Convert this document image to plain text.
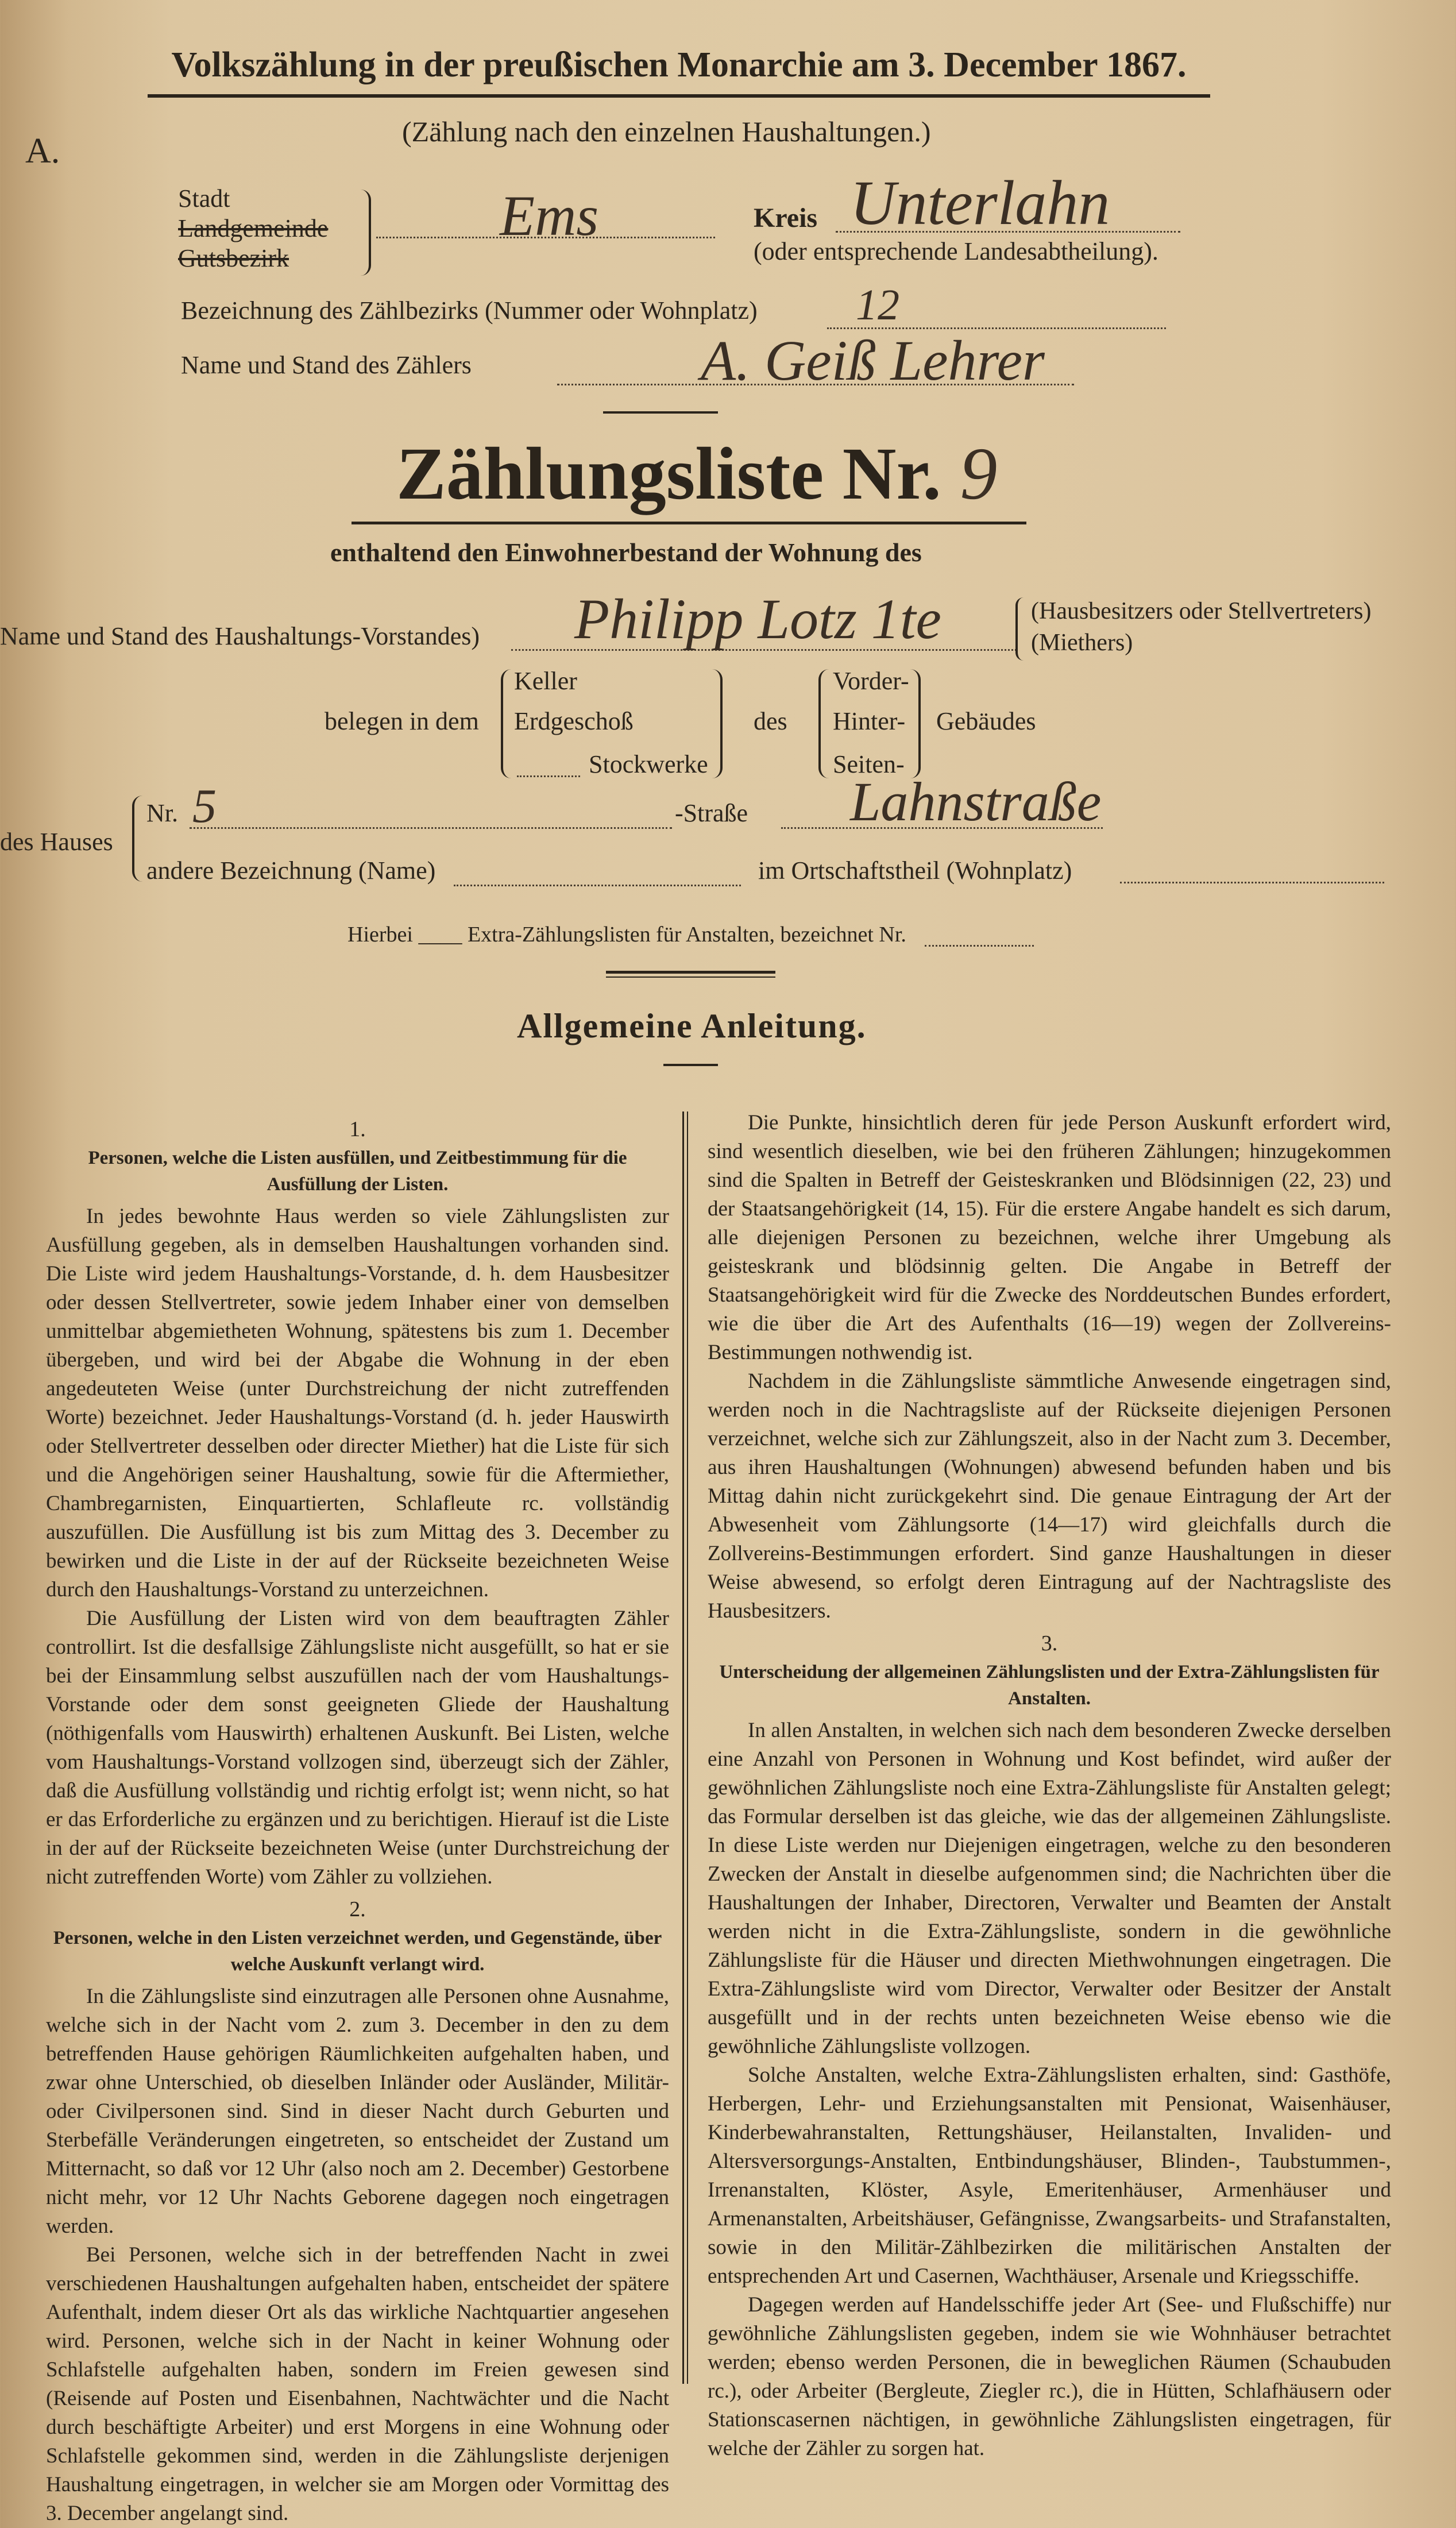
Volkszählung in der preußischen Monarchie am 3. December 1867.
A.	(Zählung nach den einzelnen Haushaltungen.)
Stadt
Landgemeinde
Gutsbezirk
Ems	Kreis Unterlahn
(oder entsprechende Landesabtheilung).
Bezeichnung des Zählbezirks (Nummer oder Wohnplatz) 12
Name und Stand des Zählers	A. Geiß Lehrer
Zählungsliste Nr. 9
enthaltend den Einwohnerbestand der Wohnung des
Name und Stand des Haushaltungs-Vorstandes) Philipp Lotz 1te	(Hausbesitzers oder Stellvertreters)
(Miethers)
belegen in dem
Keller
Erdgeschoß
Stockwerke
des
Vorder-
Hinter-
Seiten-
Gebäudes
des Hauses
Nr. 5	-Straße Lahnstraße
andere Bezeichnung (Name)	im Ortschaftstheil (Wohnplatz)
Hierbei ____ Extra-Zählungslisten für Anstalten, bezeichnet Nr.
Allgemeine Anleitung.
1.
Personen, welche die Listen ausfüllen, und Zeitbestimmung für die Ausfüllung der Listen.

In jedes bewohnte Haus werden so viele Zählungslisten zur Ausfüllung gegeben, als in demselben Haushaltungen vorhanden sind. Die Liste wird jedem Haushaltungs-Vorstande, d. h. dem Hausbesitzer oder dessen Stellvertreter, sowie jedem Inhaber einer von demselben unmittelbar abgemietheten Wohnung, spätestens bis zum 1. December übergeben, und wird bei der Abgabe die Wohnung in der eben angedeuteten Weise (unter Durchstreichung der nicht zutreffenden Worte) bezeichnet. Jeder Haushaltungs-Vorstand (d. h. jeder Hauswirth oder Stellvertreter desselben oder directer Miether) hat die Liste für sich und die Angehörigen seiner Haushaltung, sowie für die Aftermiether, Chambregarnisten, Einquartierten, Schlafleute rc. vollständig auszufüllen. Die Ausfüllung ist bis zum Mittag des 3. December zu bewirken und die Liste in der auf der Rückseite bezeichneten Weise durch den Haushaltungs-Vorstand zu unterzeichnen.

Die Ausfüllung der Listen wird von dem beauftragten Zähler controllirt. Ist die desfallsige Zählungsliste nicht ausgefüllt, so hat er sie bei der Einsammlung selbst auszufüllen nach der vom Haushaltungs-Vorstande oder dem sonst geeigneten Gliede der Haushaltung (nöthigenfalls vom Hauswirth) erhaltenen Auskunft. Bei Listen, welche vom Haushaltungs-Vorstand vollzogen sind, überzeugt sich der Zähler, daß die Ausfüllung vollständig und richtig erfolgt ist; wenn nicht, so hat er das Erforderliche zu ergänzen und zu berichtigen. Hierauf ist die Liste in der auf der Rückseite bezeichneten Weise (unter Durchstreichung der nicht zutreffenden Worte) vom Zähler zu vollziehen.

2.
Personen, welche in den Listen verzeichnet werden, und Gegenstände, über welche Auskunft verlangt wird.

In die Zählungsliste sind einzutragen alle Personen ohne Ausnahme, welche sich in der Nacht vom 2. zum 3. December in den zu dem betreffenden Hause gehörigen Räumlichkeiten aufgehalten haben, und zwar ohne Unterschied, ob dieselben Inländer oder Ausländer, Militär- oder Civilpersonen sind. Sind in dieser Nacht durch Geburten und Sterbefälle Veränderungen eingetreten, so entscheidet der Zustand um Mitternacht, so daß vor 12 Uhr (also noch am 2. December) Gestorbene nicht mehr, vor 12 Uhr Nachts Geborene dagegen noch eingetragen werden.

Bei Personen, welche sich in der betreffenden Nacht in zwei verschiedenen Haushaltungen aufgehalten haben, entscheidet der spätere Aufenthalt, indem dieser Ort als das wirkliche Nachtquartier angesehen wird. Personen, welche sich in der Nacht in keiner Wohnung oder Schlafstelle aufgehalten haben, sondern im Freien gewesen sind (Reisende auf Posten und Eisenbahnen, Nachtwächter und die Nacht durch beschäftigte Arbeiter) und erst Morgens in eine Wohnung oder Schlafstelle gekommen sind, werden in die Zählungsliste derjenigen Haushaltung eingetragen, in welcher sie am Morgen oder Vormittag des 3. December angelangt sind.

Die Punkte, hinsichtlich deren für jede Person Auskunft erfordert wird, sind wesentlich dieselben, wie bei den früheren Zählungen; hinzugekommen sind die Spalten in Betreff der Geisteskranken und Blödsinnigen (22, 23) und der Staatsangehörigkeit (14, 15). Für die erstere Angabe handelt es sich darum, alle diejenigen Personen zu bezeichnen, welche ihrer Umgebung als geisteskrank und blödsinnig gelten. Die Angabe in Betreff der Staatsangehörigkeit wird für die Zwecke des Norddeutschen Bundes erfordert, wie die über die Art des Aufenthalts (16—19) wegen der Zollvereins-Bestimmungen nothwendig ist.

Nachdem in die Zählungsliste sämmtliche Anwesende eingetragen sind, werden noch in die Nachtragsliste auf der Rückseite diejenigen Personen verzeichnet, welche sich zur Zählungszeit, also in der Nacht zum 3. December, aus ihren Haushaltungen (Wohnungen) abwesend befunden haben und bis Mittag dahin nicht zurückgekehrt sind. Die genaue Eintragung der Art der Abwesenheit vom Zählungsorte (14—17) wird gleichfalls durch die Zollvereins-Bestimmungen erfordert. Sind ganze Haushaltungen in dieser Weise abwesend, so erfolgt deren Eintragung auf der Nachtragsliste des Hausbesitzers.

3.
Unterscheidung der allgemeinen Zählungslisten und der Extra-Zählungslisten für Anstalten.

In allen Anstalten, in welchen sich nach dem besonderen Zwecke derselben eine Anzahl von Personen in Wohnung und Kost befindet, wird außer der gewöhnlichen Zählungsliste noch eine Extra-Zählungsliste für Anstalten gelegt; das Formular derselben ist das gleiche, wie das der allgemeinen Zählungsliste. In diese Liste werden nur Diejenigen eingetragen, welche zu den besonderen Zwecken der Anstalt in dieselbe aufgenommen sind; die Nachrichten über die Haushaltungen der Inhaber, Directoren, Verwalter und Beamten der Anstalt werden nicht in die Extra-Zählungsliste, sondern in die gewöhnliche Zählungsliste für die Häuser und directen Miethwohnungen eingetragen. Die Extra-Zählungsliste wird vom Director, Verwalter oder Besitzer der Anstalt ausgefüllt und in der rechts unten bezeichneten Weise ebenso wie die gewöhnliche Zählungsliste vollzogen.

Solche Anstalten, welche Extra-Zählungslisten erhalten, sind: Gasthöfe, Herbergen, Lehr- und Erziehungsanstalten mit Pensionat, Waisenhäuser, Kinderbewahranstalten, Rettungshäuser, Heilanstalten, Invaliden- und Altersversorgungs-Anstalten, Entbindungshäuser, Blinden-, Taubstummen-, Irrenanstalten, Klöster, Asyle, Emeritenhäuser, Armenhäuser und Armenanstalten, Arbeitshäuser, Gefängnisse, Zwangsarbeits- und Strafanstalten, sowie in den Militär-Zählbezirken die militärischen Anstalten der entsprechenden Art und Casernen, Wachthäuser, Arsenale und Kriegsschiffe.

Dagegen werden auf Handelsschiffe jeder Art (See- und Flußschiffe) nur gewöhnliche Zählungslisten gegeben, indem sie wie Wohnhäuser betrachtet werden; ebenso werden Personen, die in beweglichen Räumen (Schaubuden rc.), oder Arbeiter (Bergleute, Ziegler rc.), die in Hütten, Schlafhäusern oder Stationscasernen nächtigen, in gewöhnliche Zählungslisten eingetragen, für welche der Zähler zu sorgen hat.
